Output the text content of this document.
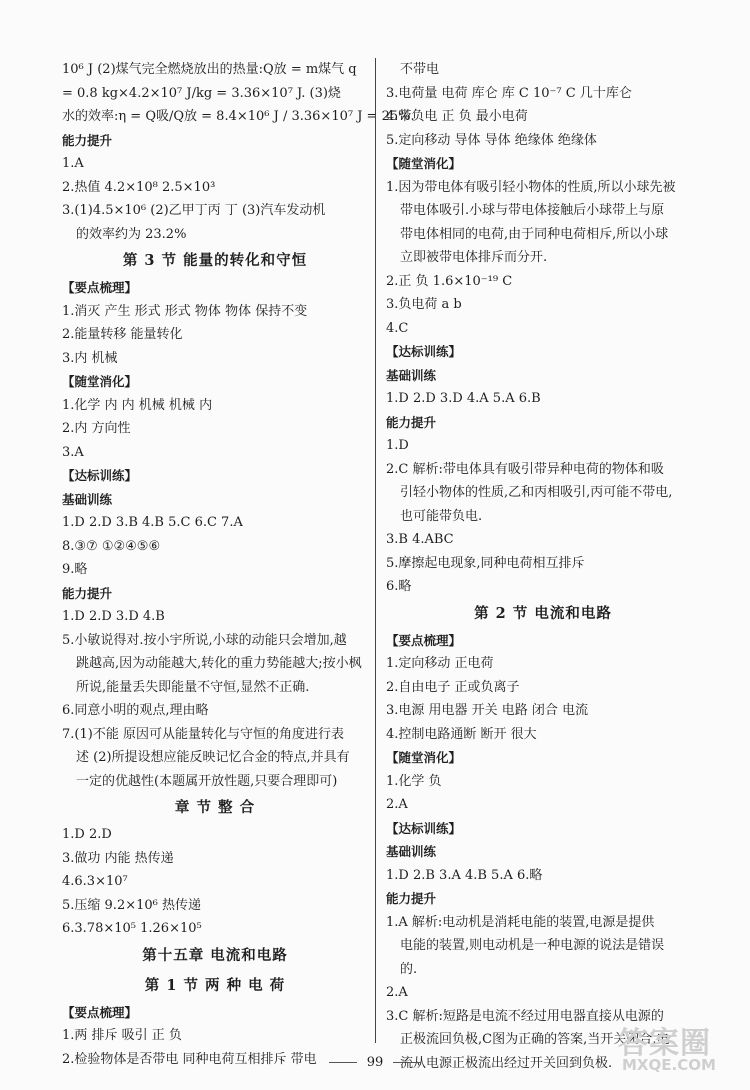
10⁶ J (2)煤气完全燃烧放出的热量:Q放 = m煤气 q
= 0.8 kg×4.2×10⁷ J/kg = 3.36×10⁷ J. (3)烧
水的效率:η = Q吸/Q放 = 8.4×10⁶ J / 3.36×10⁷ J = 25%.
能力提升
1.A
2.热值 4.2×10⁸ 2.5×10³
3.(1)4.5×10⁶ (2)乙甲丁丙 丁 (3)汽车发动机
的效率约为 23.2%
第 3 节 能量的转化和守恒
【要点梳理】
1.消灭 产生 形式 形式 物体 物体 保持不变
2.能量转移 能量转化
3.内 机械
【随堂消化】
1.化学 内 内 机械 机械 内
2.内 方向性
3.A
【达标训练】
基础训练
1.D 2.D 3.B 4.B 5.C 6.C 7.A
8.③⑦ ①②④⑤⑥
9.略
能力提升
1.D 2.D 3.D 4.B
5.小敏说得对.按小宇所说,小球的动能只会增加,越
跳越高,因为动能越大,转化的重力势能越大;按小枫
所说,能量丢失即能量不守恒,显然不正确.
6.同意小明的观点,理由略
7.(1)不能 原因可从能量转化与守恒的角度进行表
述 (2)所提设想应能反映记忆合金的特点,并具有
一定的优越性(本题属开放性题,只要合理即可)
章 节 整 合
1.D 2.D
3.做功 内能 热传递
4.6.3×10⁷
5.压缩 9.2×10⁶ 热传递
6.3.78×10⁵ 1.26×10⁵
第十五章 电流和电路
第 1 节 两 种 电 荷
【要点梳理】
1.两 排斥 吸引 正 负
2.检验物体是否带电 同种电荷互相排斥 带电
不带电
3.电荷量 电荷 库仑 库 C 10⁻⁷ C 几十库仑
4.带负电 正 负 最小电荷
5.定向移动 导体 导体 绝缘体 绝缘体
【随堂消化】
1.因为带电体有吸引轻小物体的性质,所以小球先被
带电体吸引.小球与带电体接触后小球带上与原
带电体相同的电荷,由于同种电荷相斥,所以小球
立即被带电体排斥而分开.
2.正 负 1.6×10⁻¹⁹ C
3.负电荷 a b
4.C
【达标训练】
基础训练
1.D 2.D 3.D 4.A 5.A 6.B
能力提升
1.D
2.C 解析:带电体具有吸引带异种电荷的物体和吸
引轻小物体的性质,乙和丙相吸引,丙可能不带电,
也可能带负电.
3.B 4.ABC
5.摩擦起电现象,同种电荷相互排斥
6.略
第 2 节 电流和电路
【要点梳理】
1.定向移动 正电荷
2.自由电子 正或负离子
3.电源 用电器 开关 电路 闭合 电流
4.控制电路通断 断开 很大
【随堂消化】
1.化学 负
2.A
【达标训练】
基础训练
1.D 2.B 3.A 4.B 5.A 6.略
能力提升
1.A 解析:电动机是消耗电能的装置,电源是提供
电能的装置,则电动机是一种电源的说法是错误
的.
2.A
3.C 解析:短路是电流不经过用电器直接从电源的
正极流回负极,C图为正确的答案,当开关闭合,电
流从电源正极流出经过开关回到负极.
99
答案圈
MXQE.COM
